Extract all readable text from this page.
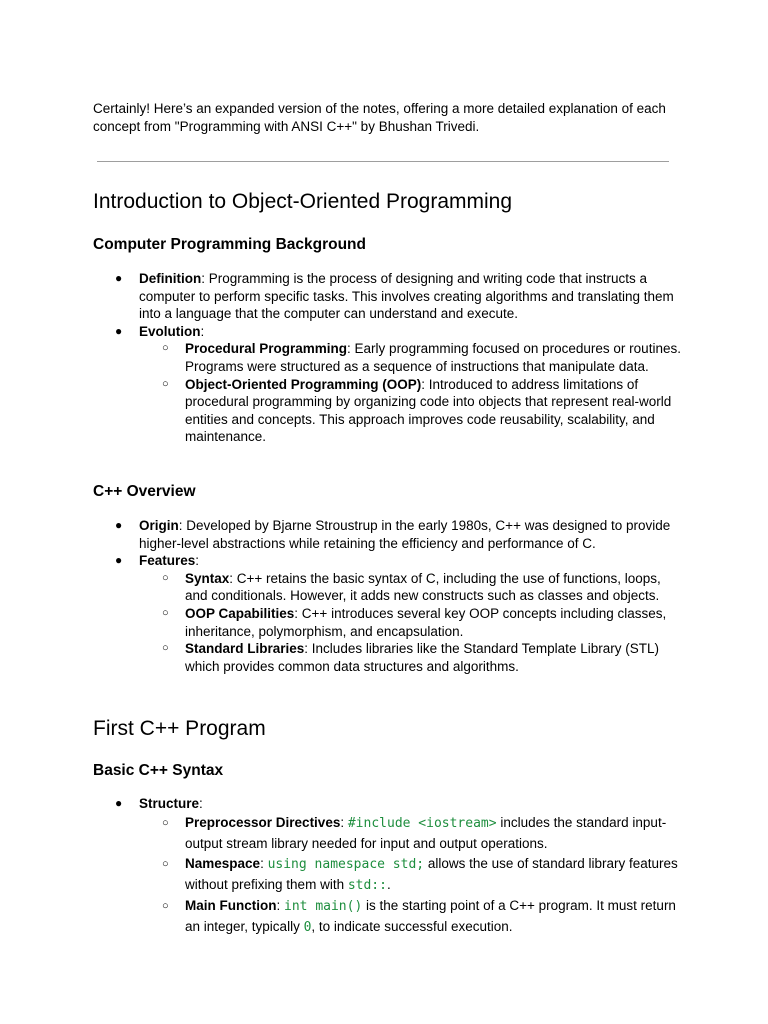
Certainly! Here’s an expanded version of the notes, offering a more detailed explanation of each concept from "Programming with ANSI C++" by Bhushan Trivedi.
Introduction to Object-Oriented Programming
Computer Programming Background
● Definition: Programming is the process of designing and writing code that instructs a computer to perform specific tasks. This involves creating algorithms and translating them into a language that the computer can understand and execute.
● Evolution:
○ Procedural Programming: Early programming focused on procedures or routines. Programs were structured as a sequence of instructions that manipulate data.
○ Object-Oriented Programming (OOP): Introduced to address limitations of procedural programming by organizing code into objects that represent real-world entities and concepts. This approach improves code reusability, scalability, and maintenance.
C++ Overview
● Origin: Developed by Bjarne Stroustrup in the early 1980s, C++ was designed to provide higher-level abstractions while retaining the efficiency and performance of C.
● Features:
○ Syntax: C++ retains the basic syntax of C, including the use of functions, loops, and conditionals. However, it adds new constructs such as classes and objects.
○ OOP Capabilities: C++ introduces several key OOP concepts including classes, inheritance, polymorphism, and encapsulation.
○ Standard Libraries: Includes libraries like the Standard Template Library (STL) which provides common data structures and algorithms.
First C++ Program
Basic C++ Syntax
● Structure:
○ Preprocessor Directives: #include <iostream> includes the standard input-output stream library needed for input and output operations.
○ Namespace: using namespace std; allows the use of standard library features without prefixing them with std::.
○ Main Function: int main() is the starting point of a C++ program. It must return an integer, typically 0, to indicate successful execution.
